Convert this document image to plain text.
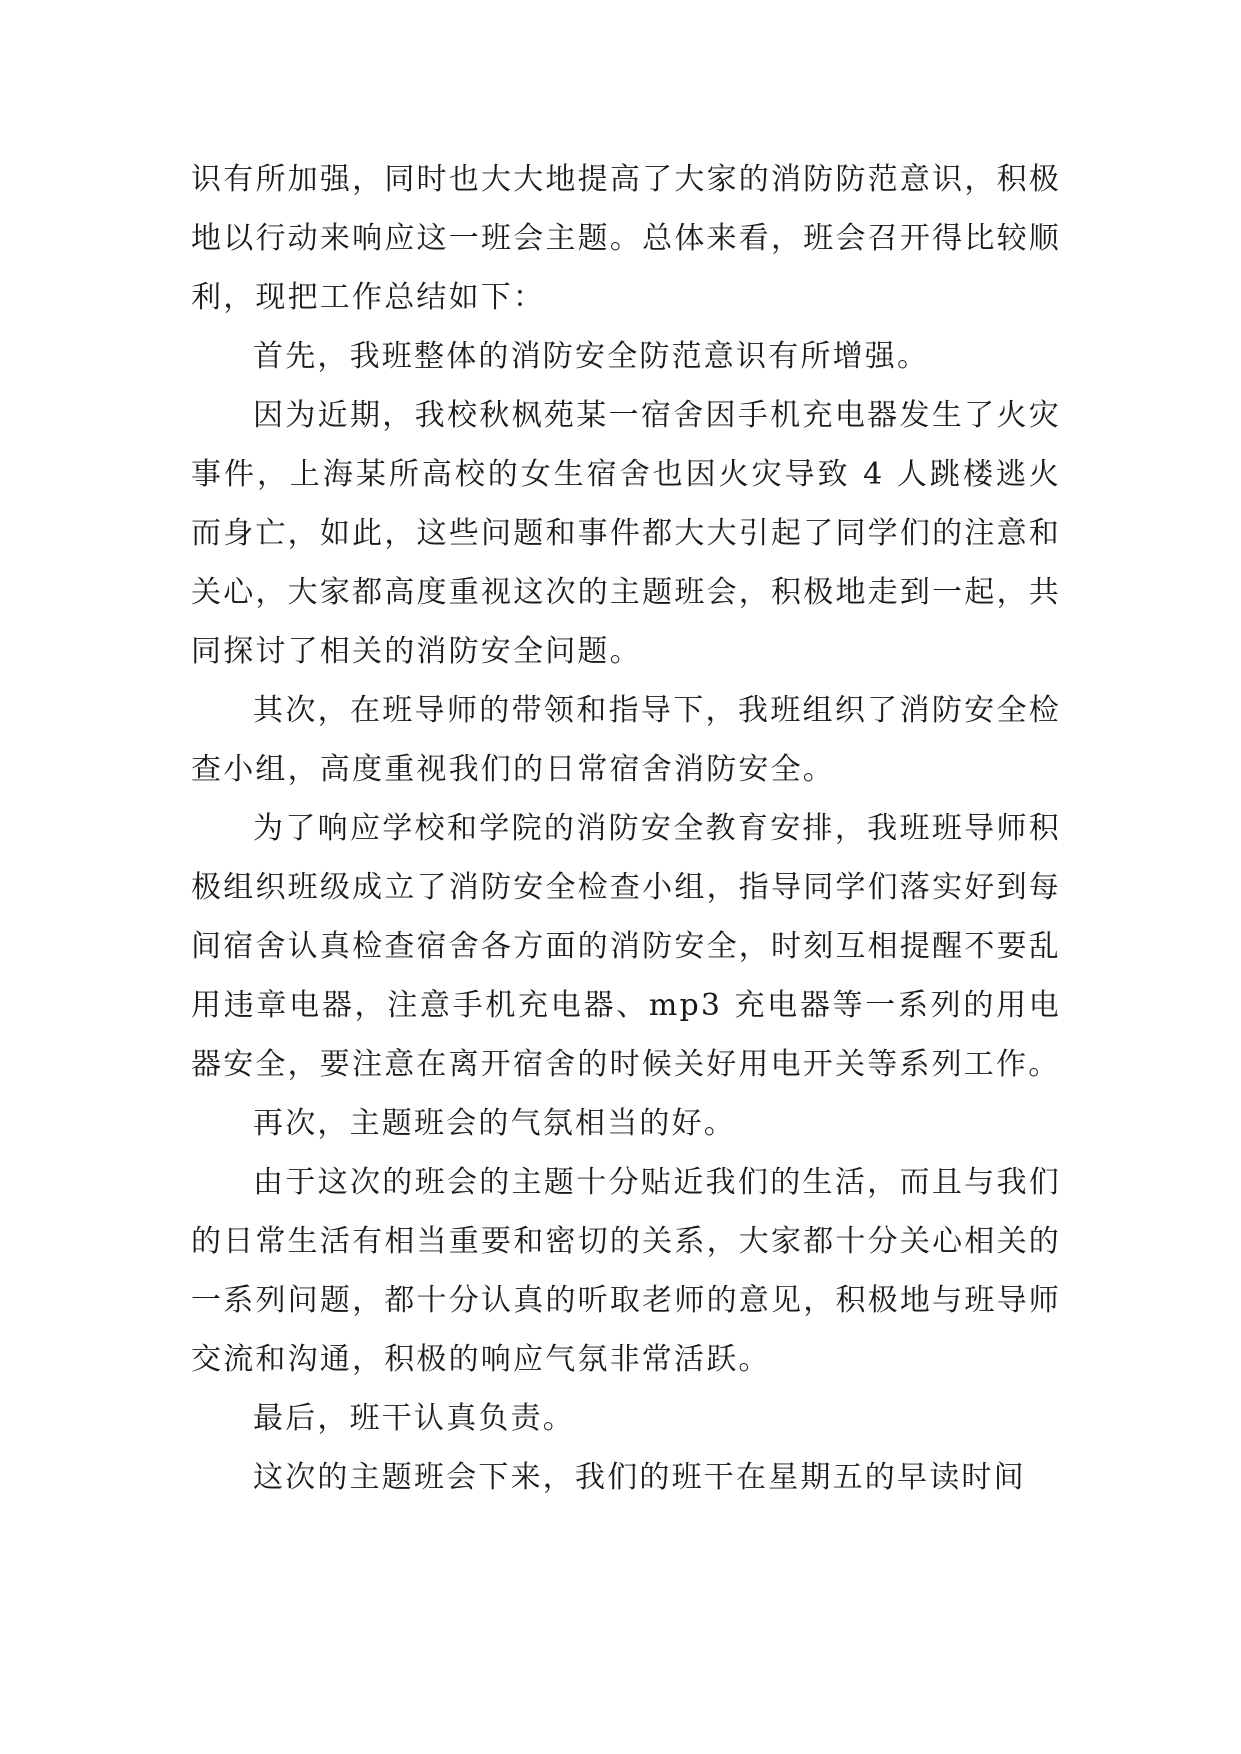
识有所加强，同时也大大地提高了大家的消防防范意识，积极地以行动来响应这一班会主题。总体来看，班会召开得比较顺利，现把工作总结如下：

首先，我班整体的消防安全防范意识有所增强。

因为近期，我校秋枫苑某一宿舍因手机充电器发生了火灾事件，上海某所高校的女生宿舍也因火灾导致 4 人跳楼逃火而身亡，如此，这些问题和事件都大大引起了同学们的注意和关心，大家都高度重视这次的主题班会，积极地走到一起，共同探讨了相关的消防安全问题。

其次，在班导师的带领和指导下，我班组织了消防安全检查小组，高度重视我们的日常宿舍消防安全。

为了响应学校和学院的消防安全教育安排，我班班导师积极组织班级成立了消防安全检查小组，指导同学们落实好到每间宿舍认真检查宿舍各方面的消防安全，时刻互相提醒不要乱用违章电器，注意手机充电器、mp3 充电器等一系列的用电器安全，要注意在离开宿舍的时候关好用电开关等系列工作。

再次，主题班会的气氛相当的好。

由于这次的班会的主题十分贴近我们的生活，而且与我们的日常生活有相当重要和密切的关系，大家都十分关心相关的一系列问题，都十分认真的听取老师的意见，积极地与班导师交流和沟通，积极的响应气氛非常活跃。

最后，班干认真负责。

这次的主题班会下来，我们的班干在星期五的早读时间
